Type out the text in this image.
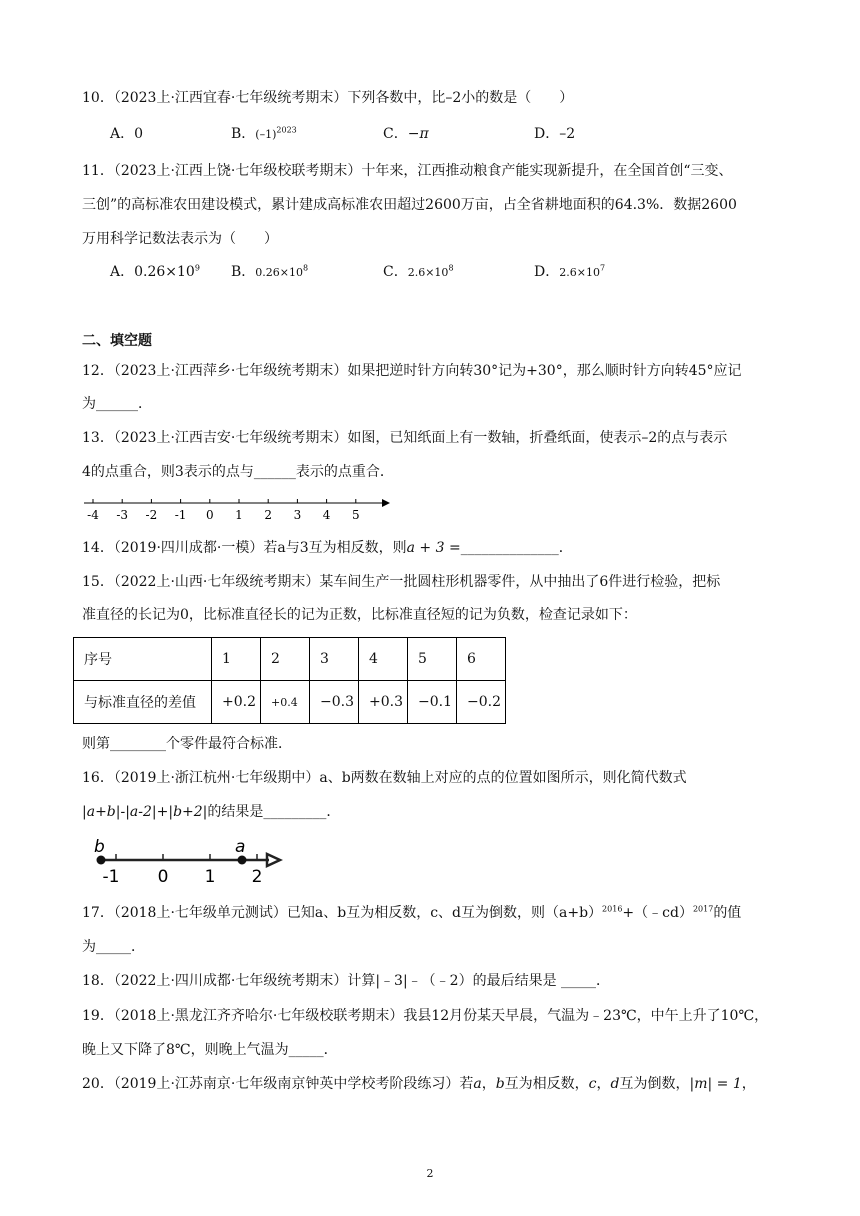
10．（2023上·江西宜春·七年级统考期末）下列各数中，比–2小的数是（　　）
A．0	B．$(-1)^{2023}$	C．−π	D．–2
11．（2023上·江西上饶·七年级校联考期末）十年来，江西推动粮食产能实现新提升，在全国首创“三变、
三创”的高标准农田建设模式，累计建成高标准农田超过2600万亩，占全省耕地面积的64.3%．数据2600
万用科学记数法表示为（　　）
A．$0.26\times 10^9$ B．$0.26\times 10^8$	C．$2.6\times 10^8$	D．$2.6\times 10^7$
二、填空题
12．（2023上·江西萍乡·七年级统考期末）如果把逆时针方向转30°记为+30°，那么顺时针方向转45°应记
为______．
13．（2023上·江西吉安·七年级统考期末）如图，已知纸面上有一数轴，折叠纸面，使表示–2的点与表示
4的点重合，则3表示的点与______表示的点重合．
-4 -3 -2 -1 0 1 2 3 4 5
14．（2019·四川成都·一模）若a与3互为相反数，则a + 3 =______________．
15．（2022上·山西·七年级统考期末）某车间生产一批圆柱形机器零件，从中抽出了6件进行检验，把标
准直径的长记为0，比标准直径长的记为正数，比标准直径短的记为负数，检查记录如下：
序号	1	2	3	4	5	6
与标准直径的差值	+0.2	+0.4	−0.3	+0.3	−0.1	−0.2
则第________个零件最符合标准．
16．（2019上·浙江杭州·七年级期中）a、b两数在数轴上对应的点的位置如图所示，则化简代数式
|a+b|-|a-2|+|b+2|的结果是_________．
-1 0 1 2
b	a
17．（2018上·七年级单元测试）已知a、b互为相反数，c、d互为倒数，则$(a+b)^{2016}+(﹣cd)^{2017}$的值
为_____．
18．（2022上·四川成都·七年级统考期末）计算|﹣3|﹣（﹣2）的最后结果是 _____．
19．（2018上·黑龙江齐齐哈尔·七年级校联考期末）我县12月份某天早晨，气温为﹣23℃，中午上升了10℃，
晚上又下降了8℃，则晚上气温为_____．
20．（2019上·江苏南京·七年级南京钟英中学校考阶段练习）若a，b互为相反数，c，d互为倒数，|m| = 1，
2
